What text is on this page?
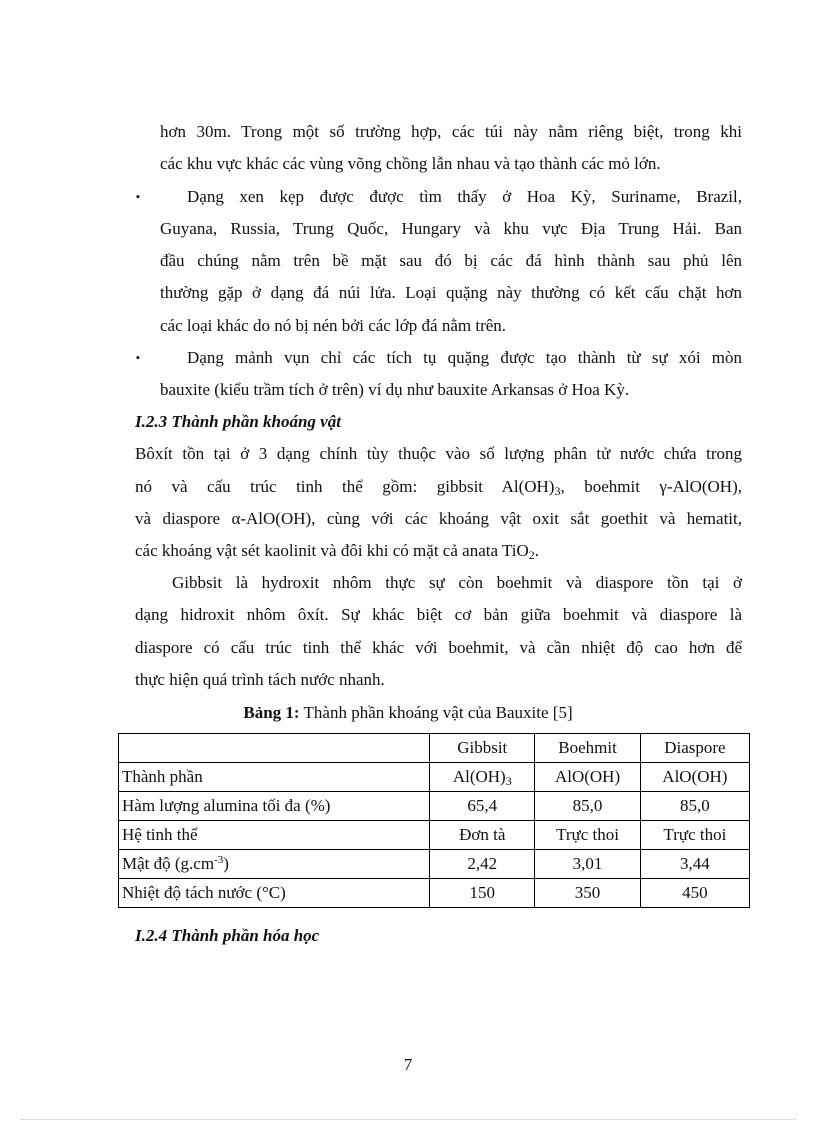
hơn 30m. Trong một số trường hợp, các túi này nằm riêng biệt, trong khi
các khu vực khác các vùng võng chồng lẫn nhau và tạo thành các mỏ lớn.
▪	Dạng xen kẹp được được tìm thấy ở Hoa Kỳ, Suriname, Brazil,
Guyana, Russia, Trung Quốc, Hungary và khu vực Địa Trung Hải. Ban
đầu chúng nằm trên bề mặt sau đó bị các đá hình thành sau phủ lên
thường gặp ở dạng đá núi lửa. Loại quặng này thường có kết cấu chặt hơn
các loại khác do nó bị nén bởi các lớp đá nằm trên.
▪	Dạng mảnh vụn chỉ các tích tụ quặng được tạo thành từ sự xói mòn
bauxite (kiểu trầm tích ở trên) ví dụ như bauxite Arkansas ở Hoa Kỳ.
I.2.3 Thành phần khoáng vật
Bôxít tồn tại ở 3 dạng chính tùy thuộc vào số lượng phân tử nước chứa trong
nó và cấu trúc tinh thể gồm: gibbsit $Al(OH)_3$, boehmit γ-AlO(OH),
và diaspore α-AlO(OH), cùng với các khoáng vật oxit sắt goethit và hematit,
các khoáng vật sét kaolinit và đôi khi có mặt cả anata TiO$_2$.
Gibbsit là hydroxit nhôm thực sự còn boehmit và diaspore tồn tại ở
dạng hidroxit nhôm ôxít. Sự khác biệt cơ bản giữa boehmit và diaspore là
diaspore có cấu trúc tinh thể khác với boehmit, và cần nhiệt độ cao hơn để
thực hiện quá trình tách nước nhanh.
Bảng 1: Thành phần khoáng vật của Bauxite [5]
	Gibbsit	Boehmit	Diaspore
Thành phần	$Al(OH)_3$	AlO(OH)	AlO(OH)
Hàm lượng alumina tối đa (%)	65,4	85,0	85,0
Hệ tinh thể	Đơn tà	Trực thoi	Trực thoi
Mật độ $(g.cm^{-3})$	2,42	3,01	3,44
Nhiệt độ tách nước (°C)	150	350	450
I.2.4 Thành phần hóa học
7
